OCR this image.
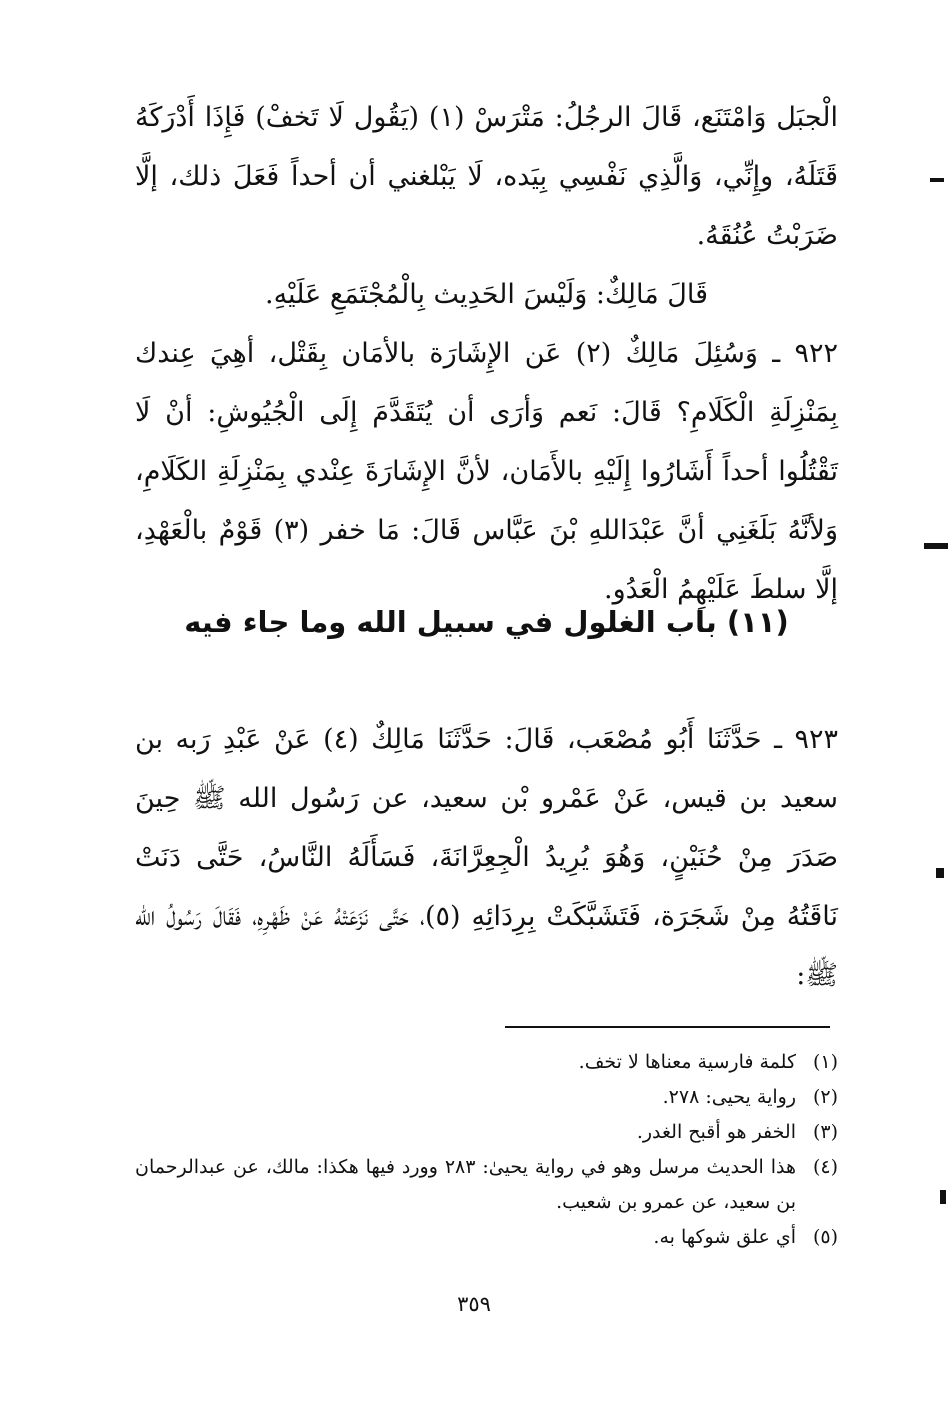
الْجبَل وَامْتَنَع، قَالَ الرجُلُ: مَتْرَسْ (١) (يَقُول لَا تَخفْ) فَإِذَا أَدْرَكَهُ قَتَلَهُ، وإِنِّي، وَالَّذِي نَفْسِي بِيَده، لَا يَبْلغني أن أحداً فَعَلَ ذلك، إلَّا ضَرَبْتُ عُنُقَهُ.

قَالَ مَالِكٌ: وَلَيْسَ الحَدِيث بِالْمُجْتَمَعِ عَلَيْهِ.

٩٢٢ ـ وَسُئِلَ مَالِكٌ (٢) عَن الإِشَارَة بالأمَان بِقَتْل، أهِيَ عِندك بِمَنْزِلَةِ الْكَلَامِ؟ قَالَ: نَعم وَأرَى أن يُتَقَدَّمَ إِلَى الْجُيُوشِ: أنْ لَا تَقْتُلُوا أحداً أَشَارُوا إِلَيْهِ بالأَمَان، لأنَّ الإِشَارَةَ عِنْدي بِمَنْزِلَةِ الكَلَامِ، وَلأنَّهُ بَلَغَنِي أنَّ عَبْدَاللهِ بْنَ عَبَّاس قَالَ: مَا خفر (٣) قَوْمٌ بالْعَهْدِ، إلَّا سلطَ عَلَيْهِمُ الْعَدُو.

(١١) باب الغلول في سبيل الله وما جاء فيه

٩٢٣ ـ حَدَّثَنَا أَبُو مُصْعَب، قَالَ: حَدَّثَنَا مَالِكٌ (٤) عَنْ عَبْدِ رَبه بن سعيد بن قيس، عَنْ عَمْرو بْن سعيد، عن رَسُول الله ﷺ حِينَ صَدَرَ مِنْ حُنَيْنٍ، وَهُوَ يُرِيدُ الْجِعِرَّانَةَ، فَسَأَلَهُ النَّاسُ، حَتَّى دَنَتْ نَاقَتُهُ مِنْ شَجَرَة، فَتَشَبَّكَتْ بِرِدَائِهِ (٥)، حَتَّى نَزَعَتْهُ عَنْ ظَهْرِهِ، فَقَالَ رَسُولُ الله ﷺ:

(١)
كلمة فارسية معناها لا تخف.
(٢)
رواية يحيى: ٢٧٨.
(٣)
الخفر هو أقبح الغدر.
(٤)
هذا الحديث مرسل وهو في رواية يحيىٰ: ٢٨٣ وورد فيها هكذا: مالك، عن عبدالرحمان بن سعيد، عن عمرو بن شعيب.
(٥)
أي علق شوكها به.
٣٥٩
